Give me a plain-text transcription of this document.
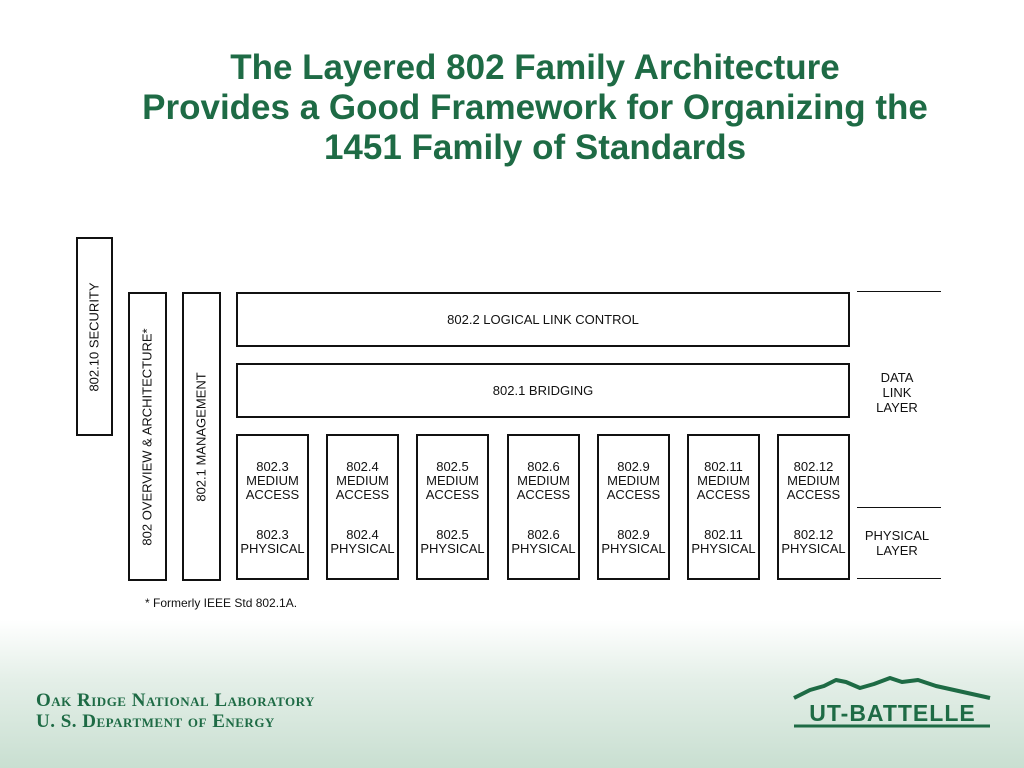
The Layered 802 Family Architecture
Provides a Good Framework for Organizing the
1451 Family of Standards
802.10 SECURITY	802 OVERVIEW & ARCHITECTURE*	802.1 MANAGEMENT
802.2 LOGICAL LINK CONTROL
802.1 BRIDGING
802.3
MEDIUM
ACCESS
802.3
PHYSICAL
802.4
MEDIUM
ACCESS
802.4
PHYSICAL
802.5
MEDIUM
ACCESS
802.5
PHYSICAL
802.6
MEDIUM
ACCESS
802.6
PHYSICAL
802.9
MEDIUM
ACCESS
802.9
PHYSICAL
802.11
MEDIUM
ACCESS
802.11
PHYSICAL
802.12
MEDIUM
ACCESS
802.12
PHYSICAL
DATA
LINK
LAYER
PHYSICAL
LAYER
* Formerly IEEE Std 802.1A.
Oak Ridge National Laboratory
U. S. Department of Energy	UT-BATTELLE
